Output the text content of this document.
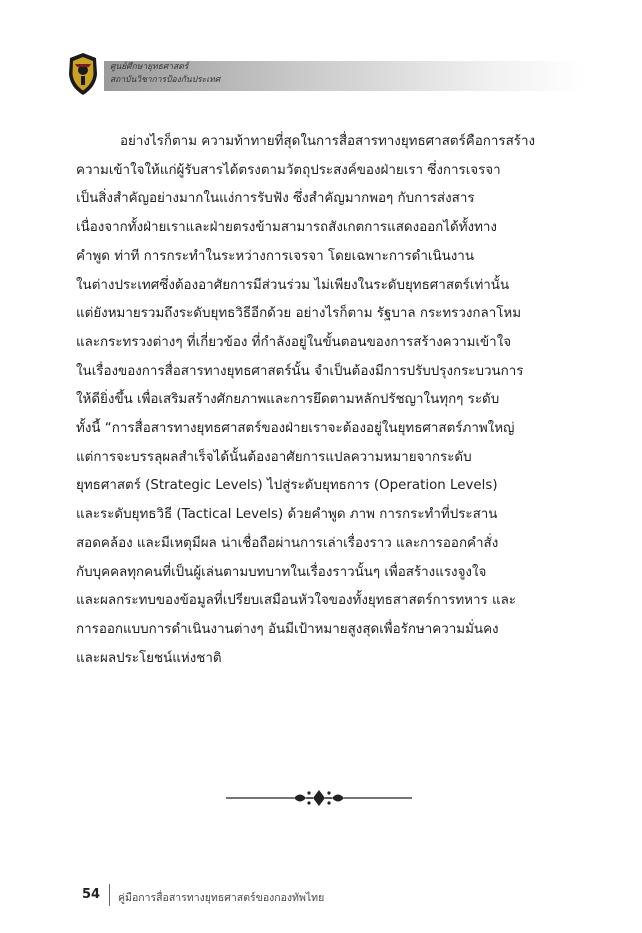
ศูนย์ศึกษายุทธศาสตร์
สถาบันวิชาการป้องกันประเทศ
อย่างไรก็ตาม ความท้าทายที่สุดในการสื่อสารทางยุทธศาสตร์คือการสร้าง
ความเข้าใจให้แก่ผู้รับสารได้ตรงตามวัตถุประสงค์ของฝ่ายเรา ซึ่งการเจรจา
เป็นสิ่งสำคัญอย่างมากในแง่การรับฟัง ซึ่งสำคัญมากพอๆ กับการส่งสาร
เนื่องจากทั้งฝ่ายเราและฝ่ายตรงข้ามสามารถสังเกตการแสดงออกได้ทั้งทาง
คำพูด ท่าที การกระทำในระหว่างการเจรจา โดยเฉพาะการดำเนินงาน
ในต่างประเทศซึ่งต้องอาศัยการมีส่วนร่วม ไม่เพียงในระดับยุทธศาสตร์เท่านั้น
แต่ยังหมายรวมถึงระดับยุทธวิธีอีกด้วย อย่างไรก็ตาม รัฐบาล กระทรวงกลาโหม
และกระทรวงต่างๆ ที่เกี่ยวข้อง ที่กำลังอยู่ในขั้นตอนของการสร้างความเข้าใจ
ในเรื่องของการสื่อสารทางยุทธศาสตร์นั้น จำเป็นต้องมีการปรับปรุงกระบวนการ
ให้ดียิ่งขึ้น เพื่อเสริมสร้างศักยภาพและการยึดตามหลักปรัชญาในทุกๆ ระดับ
ทั้งนี้ “การสื่อสารทางยุทธศาสตร์ของฝ่ายเราจะต้องอยู่ในยุทธศาสตร์ภาพใหญ่
แต่การจะบรรลุผลสำเร็จได้นั้นต้องอาศัยการแปลความหมายจากระดับ
ยุทธศาสตร์ (Strategic Levels) ไปสู่ระดับยุทธการ (Operation Levels)
และระดับยุทธวิธี (Tactical Levels) ด้วยคำพูด ภาพ การกระทำที่ประสาน
สอดคล้อง และมีเหตุมีผล น่าเชื่อถือผ่านการเล่าเรื่องราว และการออกคำสั่ง
กับบุคคลทุกคนที่เป็นผู้เล่นตามบทบาทในเรื่องราวนั้นๆ เพื่อสร้างแรงจูงใจ
และผลกระทบของข้อมูลที่เปรียบเสมือนหัวใจของทั้งยุทธสาสตร์การทหาร และ
การออกแบบการดำเนินงานต่างๆ อันมีเป้าหมายสูงสุดเพื่อรักษาความมั่นคง
และผลประโยชน์แห่งชาติ
54 คู่มือการสื่อสารทางยุทธศาสตร์ของกองทัพไทย
